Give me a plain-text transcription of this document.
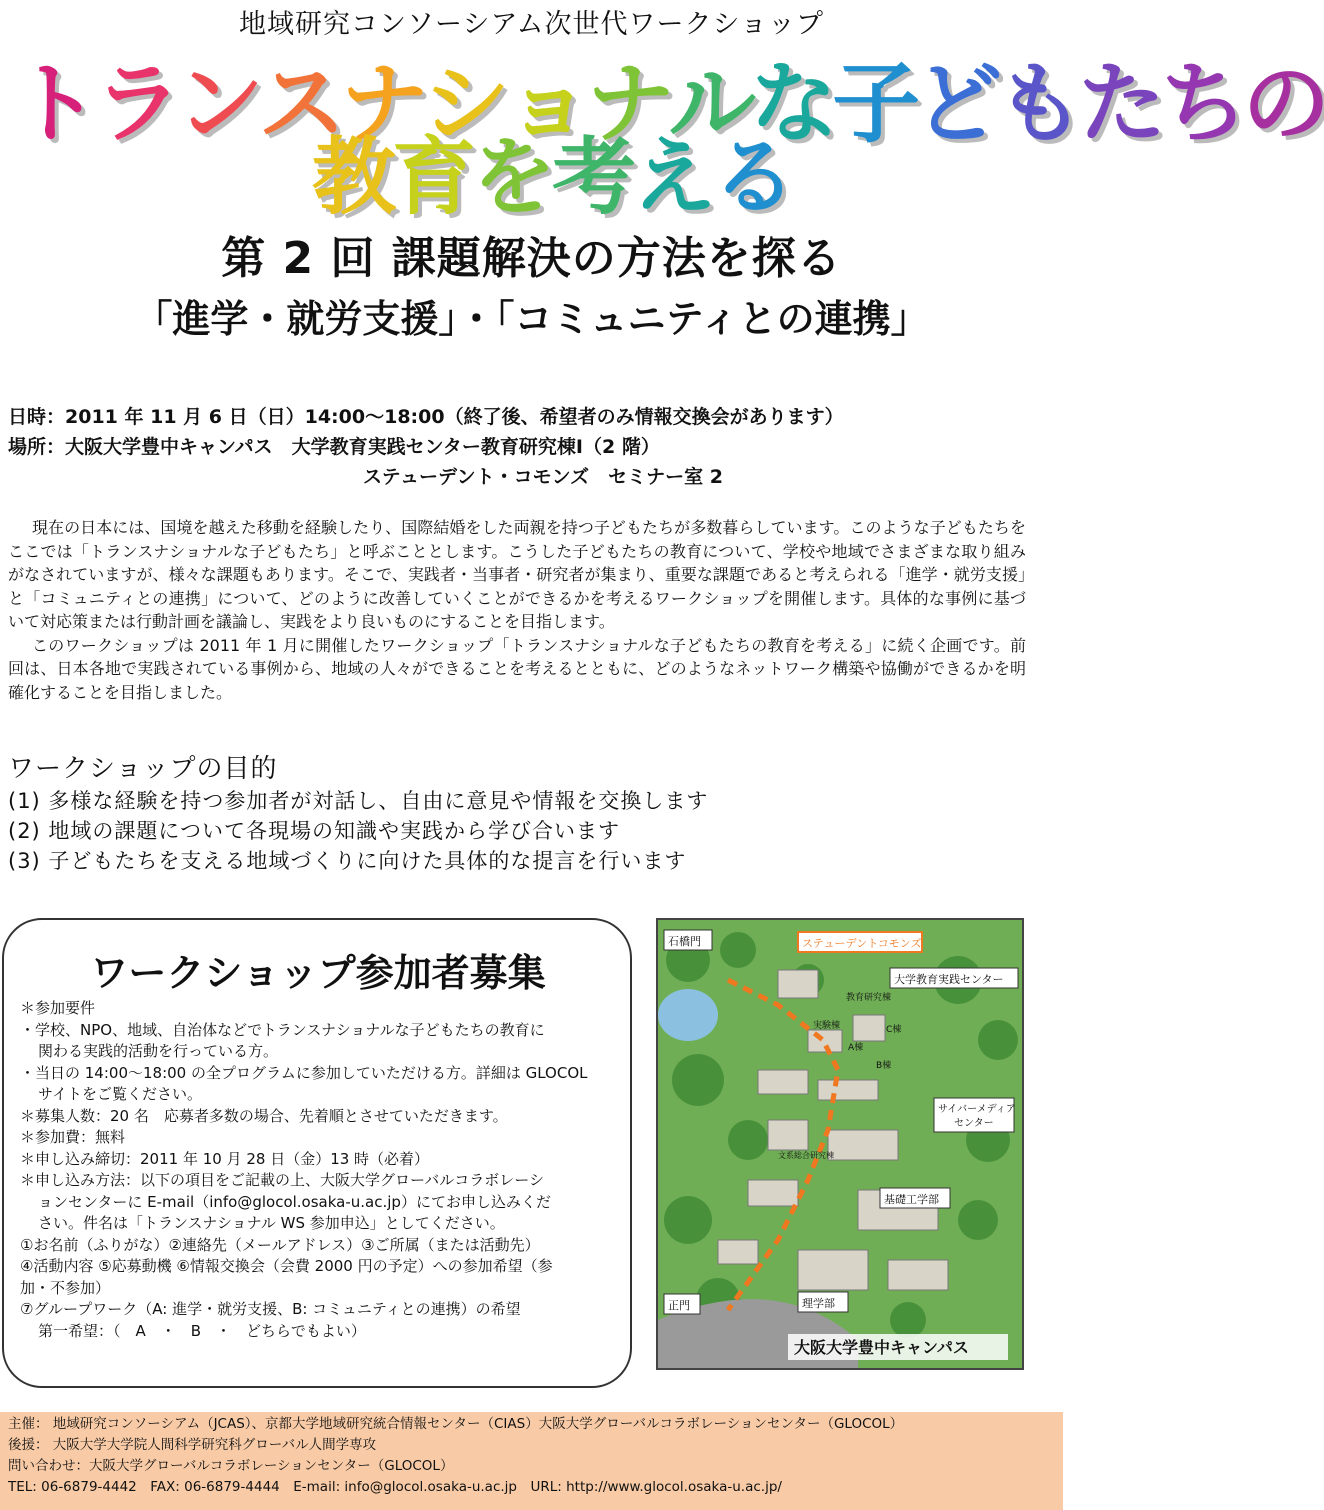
地域研究コンソーシアム次世代ワークショップ
トランスナショナルな子どもたちの
教育を考える
第 2 回 課題解決の方法を探る
「進学・就労支援」・「コミュニティとの連携」
日時：2011 年 11 月 6 日（日）14:00～18:00（終了後、希望者のみ情報交換会があります）
場所：大阪大学豊中キャンパス　大学教育実践センター教育研究棟Ⅰ（2 階）
ステューデント・コモンズ　セミナー室 2

現在の日本には、国境を越えた移動を経験したり、国際結婚をした両親を持つ子どもたちが多数暮らしています。このような子どもたちをここでは「トランスナショナルな子どもたち」と呼ぶこととします。こうした子どもたちの教育について、学校や地域でさまざまな取り組みがなされていますが、様々な課題もあります。そこで、実践者・当事者・研究者が集まり、重要な課題であると考えられる「進学・就労支援」と「コミュニティとの連携」について、どのように改善していくことができるかを考えるワークショップを開催します。具体的な事例に基づいて対応策または行動計画を議論し、実践をより良いものにすることを目指します。

このワークショップは 2011 年 1 月に開催したワークショップ「トランスナショナルな子どもたちの教育を考える」に続く企画です。前回は、日本各地で実践されている事例から、地域の人々ができることを考えるとともに、どのようなネットワーク構築や協働ができるかを明確化することを目指しました。

ワークショップの目的
(1) 多様な経験を持つ参加者が対話し、自由に意見や情報を交換します
(2) 地域の課題について各現場の知識や実践から学び合います
(3) 子どもたちを支える地域づくりに向けた具体的な提言を行います
ワークショップ参加者募集
＊参加要件
・学校、NPO、地域、自治体などでトランスナショナルな子どもたちの教育に
関わる実践的活動を行っている方。
・当日の 14:00～18:00 の全プログラムに参加していただける方。詳細は GLOCOL
サイトをご覧ください。
＊募集人数：20 名　応募者多数の場合、先着順とさせていただきます。
＊参加費：無料
＊申し込み締切：2011 年 10 月 28 日（金）13 時（必着）
＊申し込み方法：以下の項目をご記載の上、大阪大学グローバルコラボレーシ
ョンセンターに E-mail（info@glocol.osaka-u.ac.jp）にてお申し込みくだ
さい。件名は「トランスナショナル WS 参加申込」としてください。
①お名前（ふりがな）②連絡先（メールアドレス）③ご所属（または活動先）
④活動内容 ⑤応募動機 ⑥情報交換会（会費 2000 円の予定）への参加希望（参
加・不参加）
⑦グループワーク（A: 進学・就労支援、B: コミュニティとの連携）の希望
第一希望：（　A　・　B　・　どちらでもよい）
石橋門	ステューデントコモンズ
大学教育実践センター
教育研究棟
実験棟
A棟
B棟
C棟
サイバーメディア
センター
文系総合研究棟
基礎工学部
理学部
正門
大阪大学豊中キャンパス
主催： 地域研究コンソーシアム（JCAS）、京都大学地域研究統合情報センター（CIAS）大阪大学グローバルコラボレーションセンター（GLOCOL）
後援： 大阪大学大学院人間科学研究科グローバル人間学専攻
問い合わせ：大阪大学グローバルコラボレーションセンター（GLOCOL）
TEL: 06-6879-4442　FAX: 06-6879-4444　E-mail: info@glocol.osaka-u.ac.jp　URL: http://www.glocol.osaka-u.ac.jp/
